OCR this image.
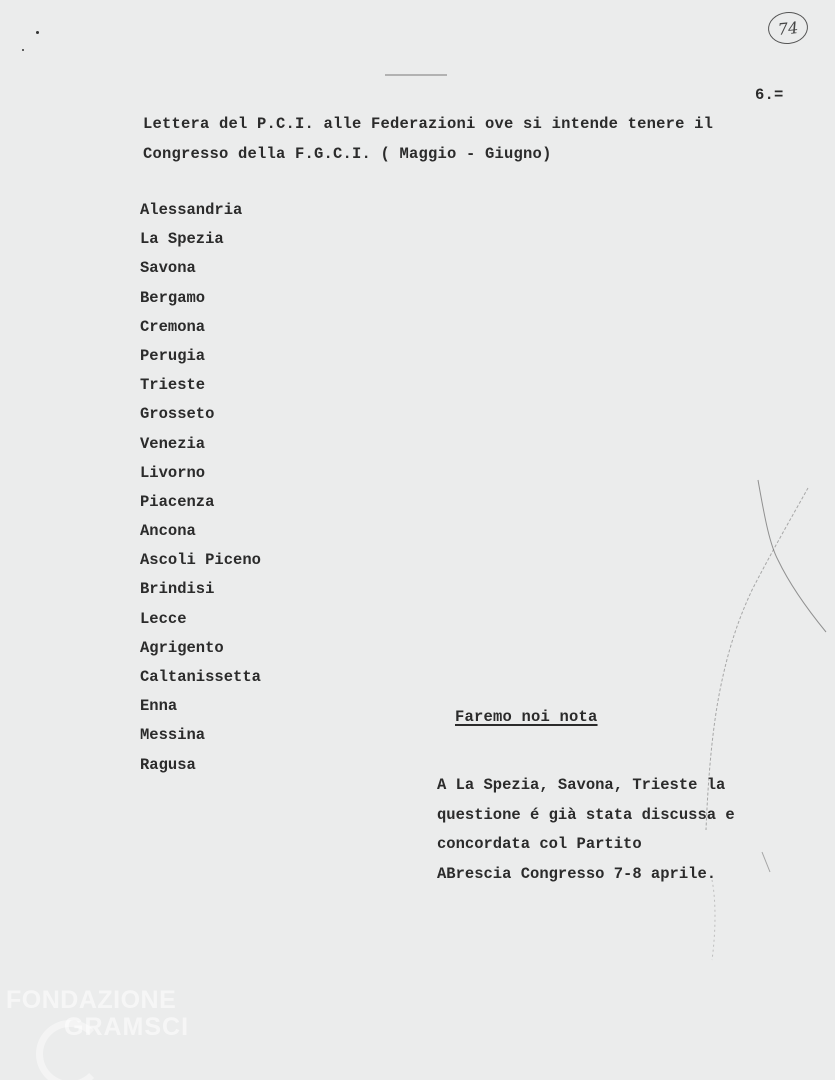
74
6.=
Lettera del P.C.I. alle Federazioni ove si intende tenere il
Congresso della F.G.C.I. ( Maggio - Giugno)
Alessandria
La Spezia
Savona
Bergamo
Cremona
Perugia
Trieste
Grosseto
Venezia
Livorno
Piacenza
Ancona
Ascoli Piceno
Brindisi
Lecce
Agrigento
Caltanissetta
Enna
Messina
Ragusa
Faremo noi nota
A La Spezia, Savona, Trieste la
questione é già stata discussa e
concordata col Partito
ABrescia Congresso 7-8 aprile.
FONDAZIONE
GRAMSCI
